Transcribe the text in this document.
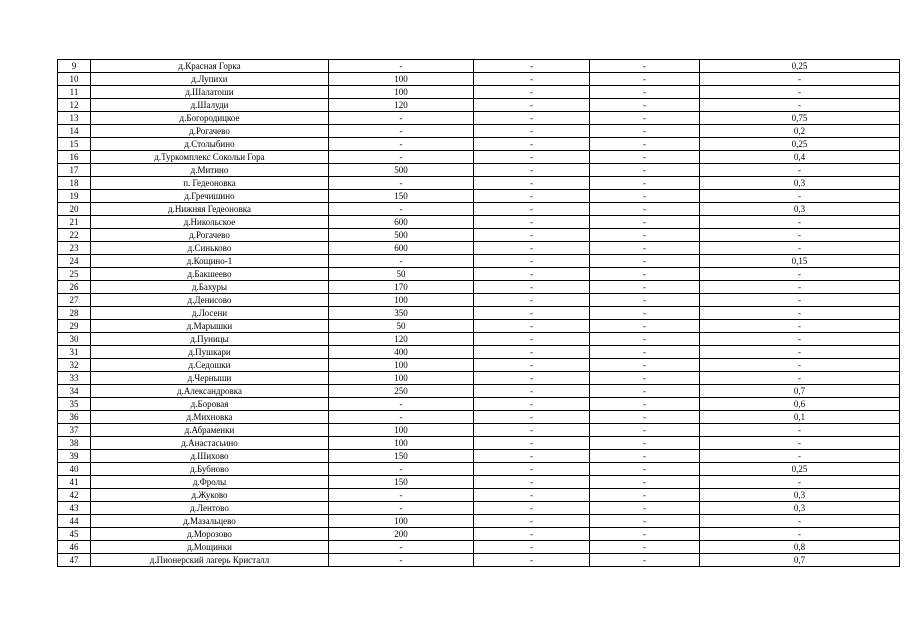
9	д.Красная Горка	-	-	-	0,25
10	д.Лупихи	100	-	-	-
11	д.Шалатоши	100	-	-	-
12	д.Шалуди	120	-	-	-
13	д.Богородицкое	-	-	-	0,75
14	д.Рогачево	-	-	-	0,2
15	д.Столыбино	-	-	-	0,25
16	д.Туркомплекс Сокольи Гора	-	-	-	0,4
17	д.Митино	500	-	-	-
18	п. Гедеоновка	-	-	-	0,3
19	д.Гречишино	150	-	-	-
20	д.Нижняя Гедеоновка	-	-	-	0,3
21	д.Никольское	600	-	-	-
22	д.Рогачево	500	-	-	-
23	д.Синьково	600	-	-	-
24	д.Кощино-1	-	-	-	0,15
25	д.Бакшеево	50	-	-	-
26	д.Бахуры	170	-	-	-
27	д.Денисово	100	-	-	-
28	д.Лосени	350	-	-	-
29	д.Марышки	50	-	-	-
30	д.Пуницы	120	-	-	-
31	д.Пушкари	400	-	-	-
32	д.Седошки	100	-	-	-
33	д.Черныши	100	-	-	-
34	д.Александровка	250	-	-	0,7
35	д.Боровая	-	-	-	0,6
36	д.Михновка	-	-	-	0,1
37	д.Абраменки	100	-	-	-
38	д.Анастасьино	100	-	-	-
39	д.Шихово	150	-	-	-
40	д.Бубново	-	-	-	0,25
41	д.Фролы	150	-	-	-
42	д.Жуково	-	-	-	0,3
43	д.Лентово	-	-	-	0,3
44	д.Мазальцево	100	-	-	-
45	д.Морозово	200	-	-	-
46	д.Мощинки	-	-	-	0,8
47	д.Пионерский лагерь Кристалл	-	-	-	0,7
